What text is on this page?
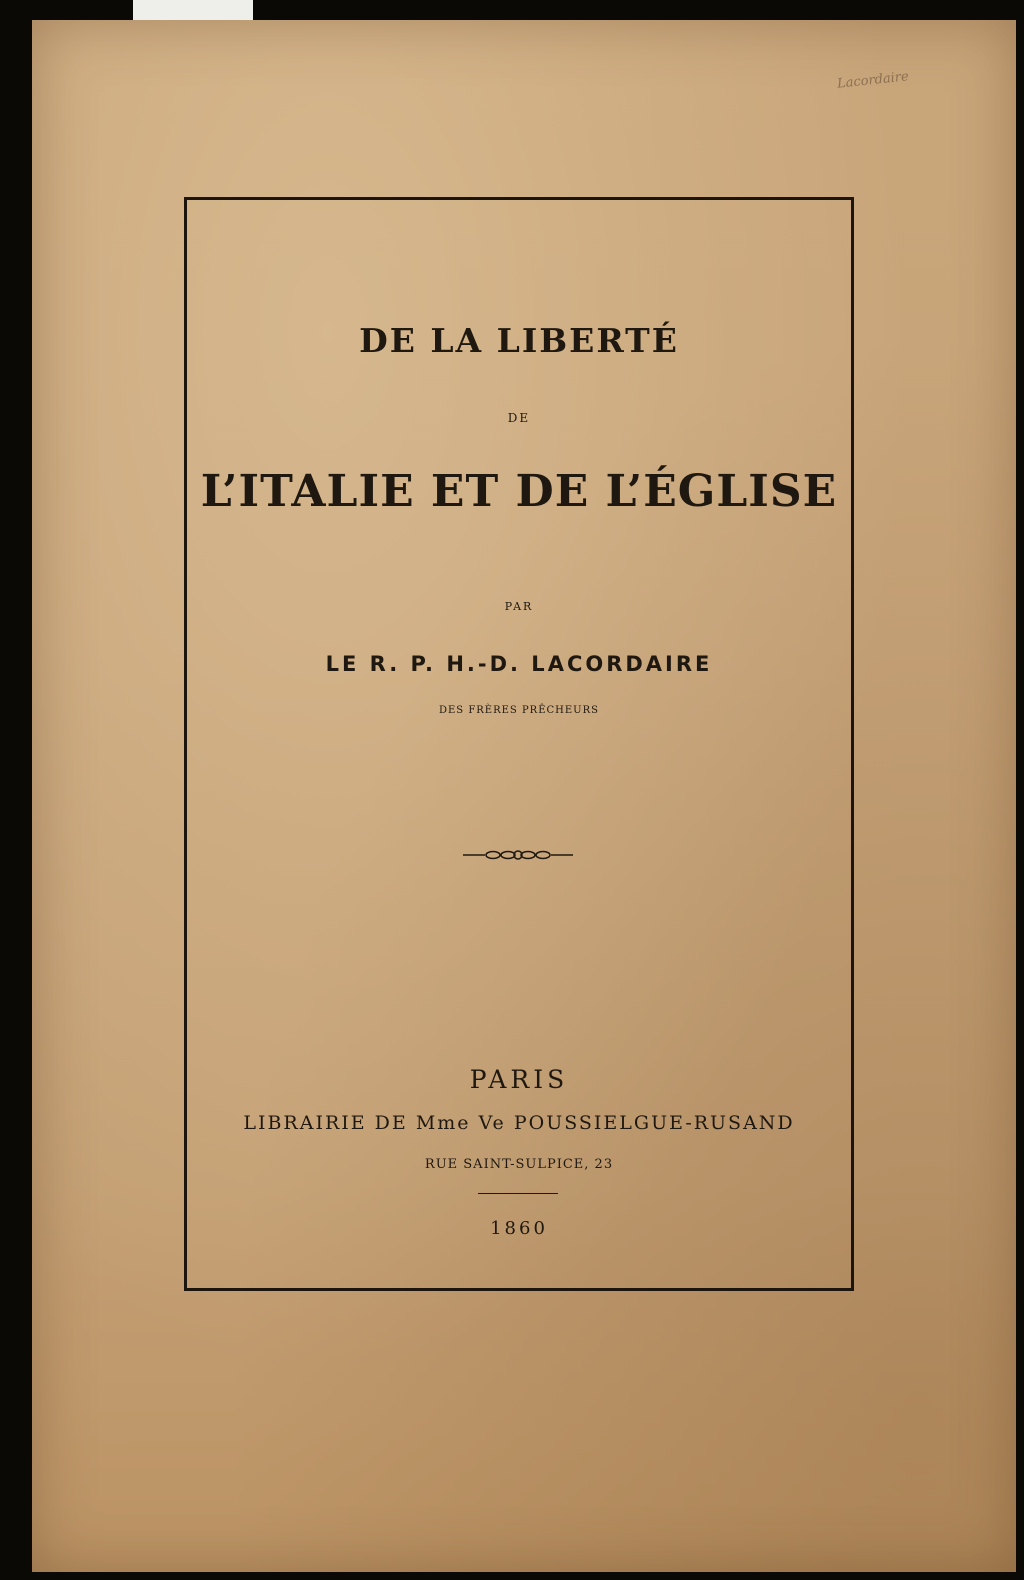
Lacordaire
DE LA LIBERTÉ
DE
L’ITALIE ET DE L’ÉGLISE
PAR
LE R. P. H.-D. LACORDAIRE
DES FRÈRES PRÊCHEURS
PARIS
LIBRAIRIE DE Mme Ve POUSSIELGUE-RUSAND
RUE SAINT-SULPICE, 23
1860
